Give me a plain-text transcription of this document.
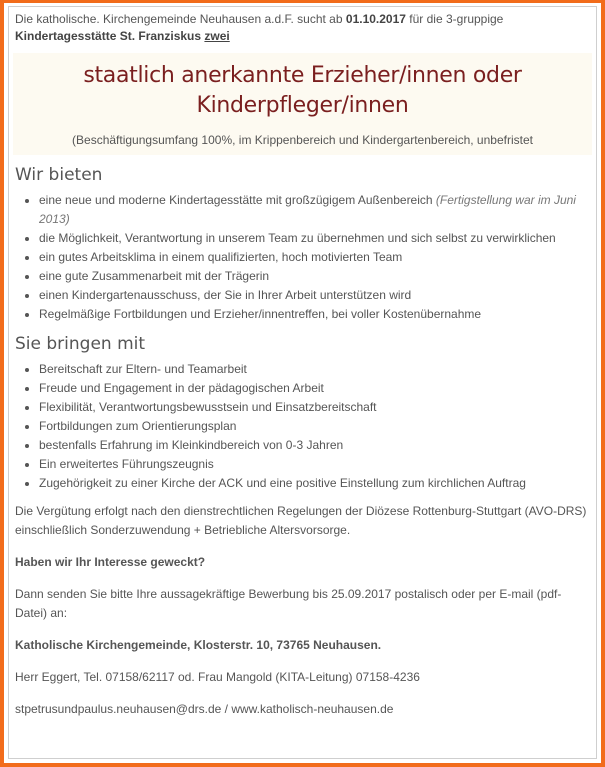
Die katholische. Kirchengemeinde Neuhausen a.d.F. sucht ab 01.10.2017 für die 3-gruppige
Kindertagesstätte St. Franziskus zwei
staatlich anerkannte Erzieher/innen oder
Kinderpfleger/innen
(Beschäftigungsumfang 100%, im Krippenbereich und Kindergartenbereich, unbefristet
Wir bieten
• eine neue und moderne Kindertagesstätte mit großzügigem Außenbereich (Fertigstellung war im Juni 2013)
• die Möglichkeit, Verantwortung in unserem Team zu übernehmen und sich selbst zu verwirklichen
• ein gutes Arbeitsklima in einem qualifizierten, hoch motivierten Team
• eine gute Zusammenarbeit mit der Trägerin
• einen Kindergartenausschuss, der Sie in Ihrer Arbeit unterstützen wird
• Regelmäßige Fortbildungen und Erzieher/innentreffen, bei voller Kostenübernahme
Sie bringen mit
• Bereitschaft zur Eltern- und Teamarbeit
• Freude und Engagement in der pädagogischen Arbeit
• Flexibilität, Verantwortungsbewusstsein und Einsatzbereitschaft
• Fortbildungen zum Orientierungsplan
• bestenfalls Erfahrung im Kleinkindbereich von 0-3 Jahren
• Ein erweitertes Führungszeugnis
• Zugehörigkeit zu einer Kirche der ACK und eine positive Einstellung zum kirchlichen Auftrag

Die Vergütung erfolgt nach den dienstrechtlichen Regelungen der Diözese Rottenburg-Stuttgart (AVO-DRS) einschließlich Sonderzuwendung + Betriebliche Altersvorsorge.

Haben wir Ihr Interesse geweckt?

Dann senden Sie bitte Ihre aussagekräftige Bewerbung bis 25.09.2017 postalisch oder per E-mail (pdf-Datei) an:

Katholische Kirchengemeinde, Klosterstr. 10, 73765 Neuhausen.

Herr Eggert, Tel. 07158/62117 od. Frau Mangold (KITA-Leitung) 07158-4236

stpetrusundpaulus.neuhausen@drs.de / www.katholisch-neuhausen.de
